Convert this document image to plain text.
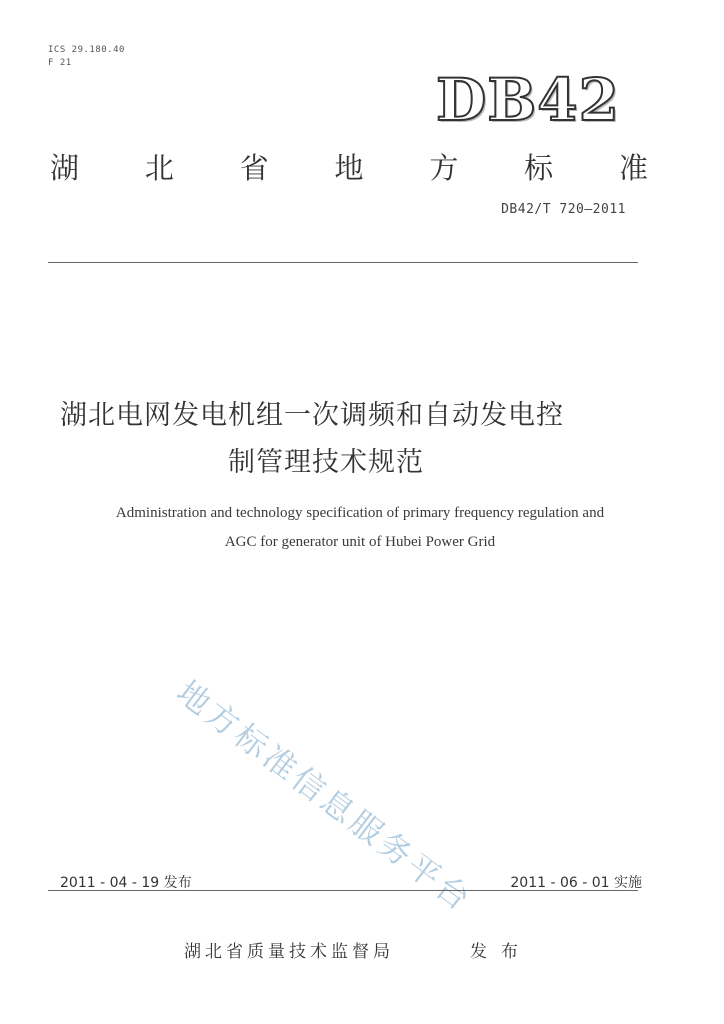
ICS 29.180.40
F 21
DB42
湖 北 省 地 方 标 准
DB42/T 720—2011
湖北电网发电机组一次调频和自动发电控
制管理技术规范
Administration and technology specification of primary frequency regulation and
AGC for generator unit of Hubei Power Grid
地方标准信息服务平台
2011 - 04 - 19 发布	2011 - 06 - 01 实施
湖北省质量技术监督局	发布
